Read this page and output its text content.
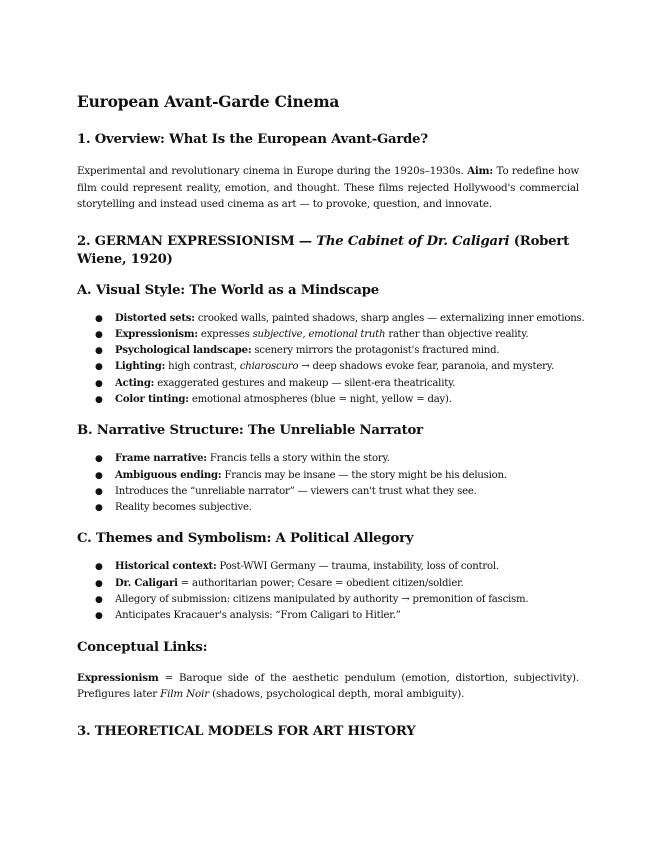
European Avant-Garde Cinema
1. Overview: What Is the European Avant-Garde?

Experimental and revolutionary cinema in Europe during the 1920s–1930s. Aim: To redefine how film could represent reality, emotion, and thought. These films rejected Hollywood's commercial storytelling and instead used cinema as art — to provoke, question, and innovate.

2. GERMAN EXPRESSIONISM — The Cabinet of Dr. Caligari (Robert Wiene, 1920)
A. Visual Style: The World as a Mindscape
● Distorted sets: crooked walls, painted shadows, sharp angles — externalizing inner emotions.
● Expressionism: expresses subjective, emotional truth rather than objective reality.
● Psychological landscape: scenery mirrors the protagonist's fractured mind.
● Lighting: high contrast, chiaroscuro → deep shadows evoke fear, paranoia, and mystery.
● Acting: exaggerated gestures and makeup — silent-era theatricality.
● Color tinting: emotional atmospheres (blue = night, yellow = day).
B. Narrative Structure: The Unreliable Narrator
● Frame narrative: Francis tells a story within the story.
● Ambiguous ending: Francis may be insane — the story might be his delusion.
● Introduces the “unreliable narrator” — viewers can't trust what they see.
● Reality becomes subjective.
C. Themes and Symbolism: A Political Allegory
● Historical context: Post-WWI Germany — trauma, instability, loss of control.
● Dr. Caligari = authoritarian power; Cesare = obedient citizen/soldier.
● Allegory of submission: citizens manipulated by authority → premonition of fascism.
● Anticipates Kracauer's analysis: “From Caligari to Hitler.”
Conceptual Links:

Expressionism = Baroque side of the aesthetic pendulum (emotion, distortion, subjectivity). Prefigures later Film Noir (shadows, psychological depth, moral ambiguity).

3. THEORETICAL MODELS FOR ART HISTORY
